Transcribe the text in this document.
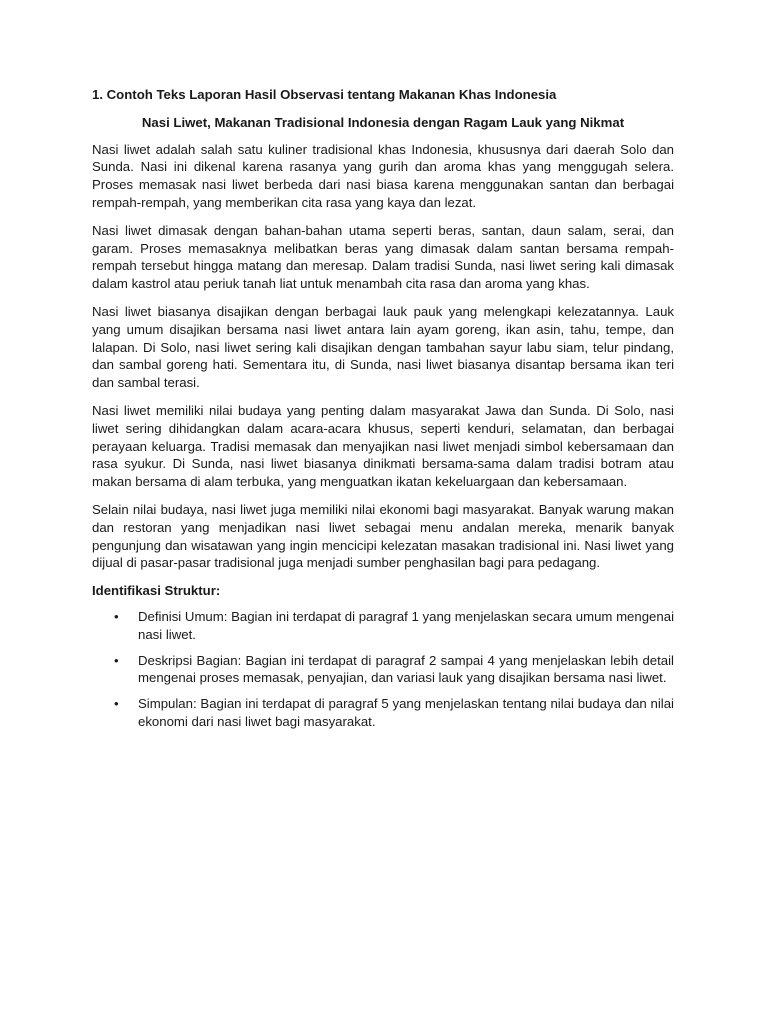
1. Contoh Teks Laporan Hasil Observasi tentang Makanan Khas Indonesia

Nasi Liwet, Makanan Tradisional Indonesia dengan Ragam Lauk yang Nikmat

Nasi liwet adalah salah satu kuliner tradisional khas Indonesia, khususnya dari daerah Solo dan Sunda. Nasi ini dikenal karena rasanya yang gurih dan aroma khas yang menggugah selera. Proses memasak nasi liwet berbeda dari nasi biasa karena menggunakan santan dan berbagai rempah-rempah, yang memberikan cita rasa yang kaya dan lezat.

Nasi liwet dimasak dengan bahan-bahan utama seperti beras, santan, daun salam, serai, dan garam. Proses memasaknya melibatkan beras yang dimasak dalam santan bersama rempah-rempah tersebut hingga matang dan meresap. Dalam tradisi Sunda, nasi liwet sering kali dimasak dalam kastrol atau periuk tanah liat untuk menambah cita rasa dan aroma yang khas.

Nasi liwet biasanya disajikan dengan berbagai lauk pauk yang melengkapi kelezatannya. Lauk yang umum disajikan bersama nasi liwet antara lain ayam goreng, ikan asin, tahu, tempe, dan lalapan. Di Solo, nasi liwet sering kali disajikan dengan tambahan sayur labu siam, telur pindang, dan sambal goreng hati. Sementara itu, di Sunda, nasi liwet biasanya disantap bersama ikan teri dan sambal terasi.

Nasi liwet memiliki nilai budaya yang penting dalam masyarakat Jawa dan Sunda. Di Solo, nasi liwet sering dihidangkan dalam acara-acara khusus, seperti kenduri, selamatan, dan berbagai perayaan keluarga. Tradisi memasak dan menyajikan nasi liwet menjadi simbol kebersamaan dan rasa syukur. Di Sunda, nasi liwet biasanya dinikmati bersama-sama dalam tradisi botram atau makan bersama di alam terbuka, yang menguatkan ikatan kekeluargaan dan kebersamaan.

Selain nilai budaya, nasi liwet juga memiliki nilai ekonomi bagi masyarakat. Banyak warung makan dan restoran yang menjadikan nasi liwet sebagai menu andalan mereka, menarik banyak pengunjung dan wisatawan yang ingin mencicipi kelezatan masakan tradisional ini. Nasi liwet yang dijual di pasar-pasar tradisional juga menjadi sumber penghasilan bagi para pedagang.

Identifikasi Struktur:

• Definisi Umum: Bagian ini terdapat di paragraf 1 yang menjelaskan secara umum mengenai nasi liwet.
• Deskripsi Bagian: Bagian ini terdapat di paragraf 2 sampai 4 yang menjelaskan lebih detail mengenai proses memasak, penyajian, dan variasi lauk yang disajikan bersama nasi liwet.
• Simpulan: Bagian ini terdapat di paragraf 5 yang menjelaskan tentang nilai budaya dan nilai ekonomi dari nasi liwet bagi masyarakat.
